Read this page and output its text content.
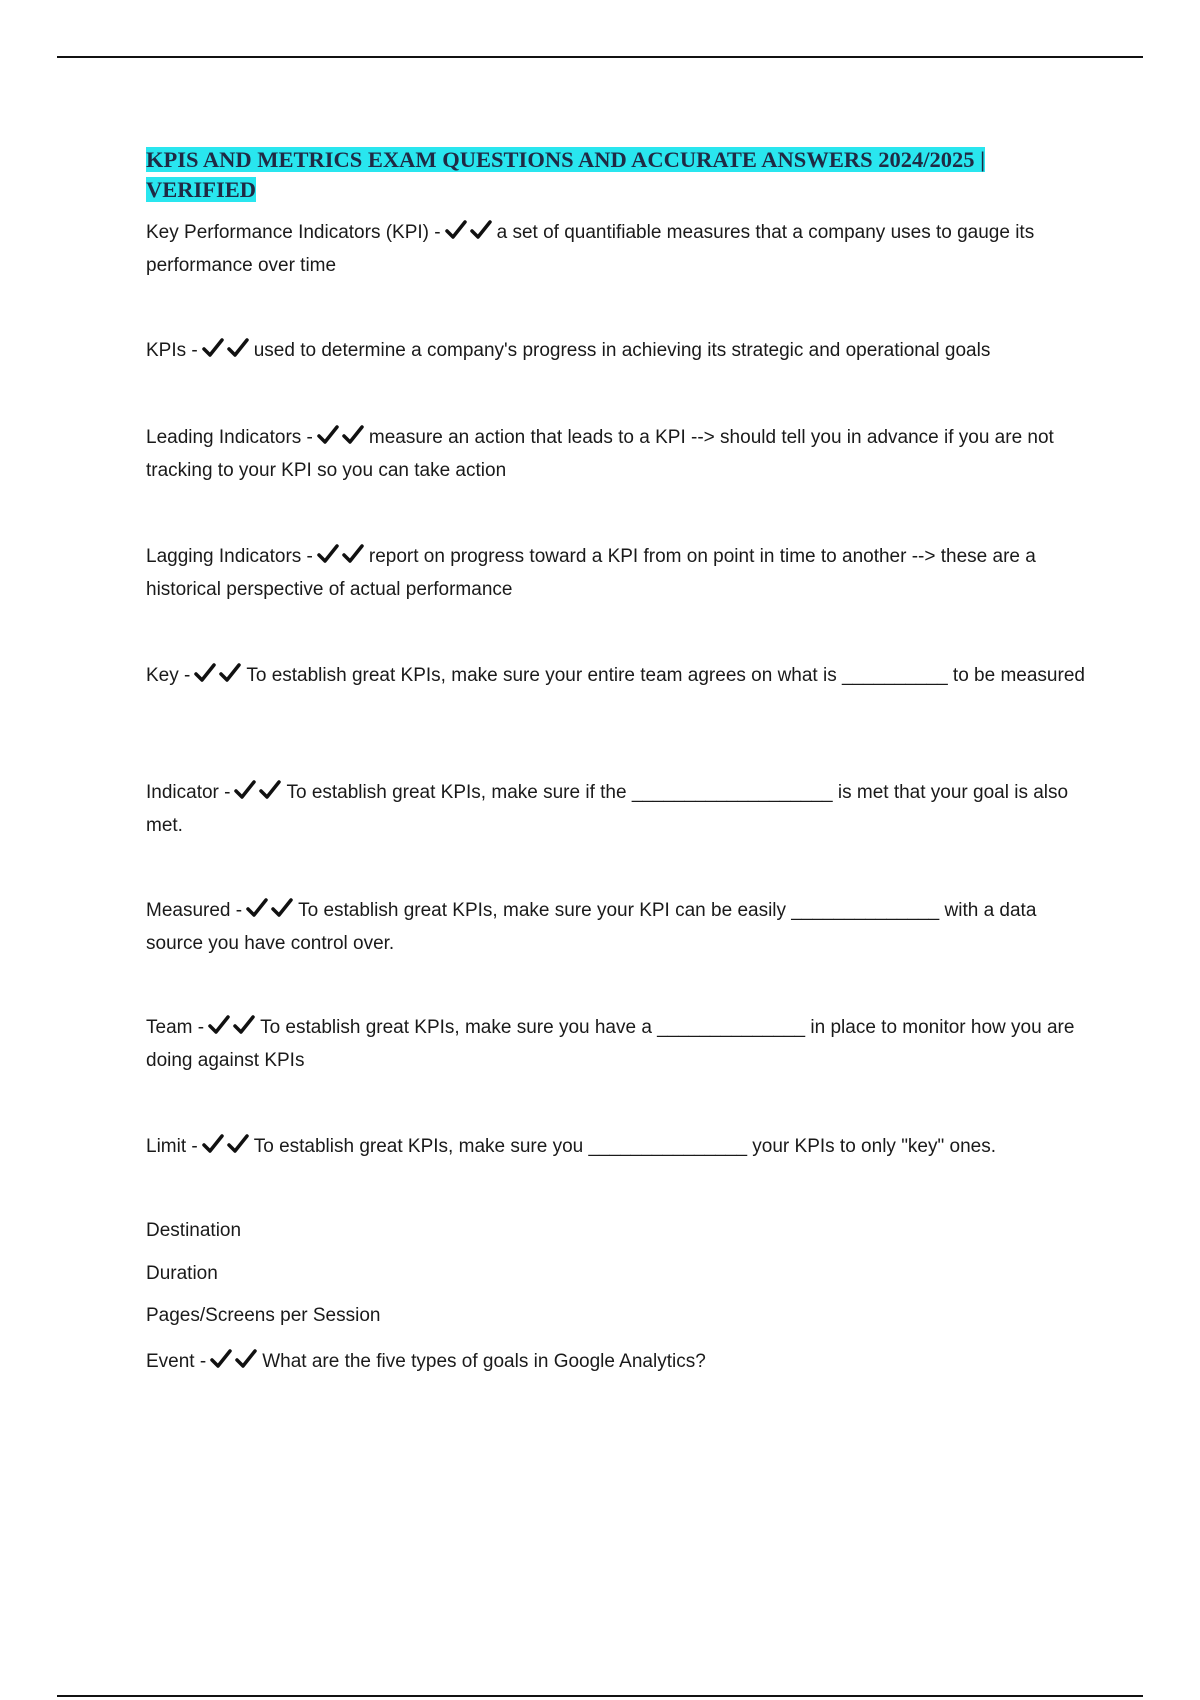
KPIS AND METRICS EXAM QUESTIONS AND ACCURATE ANSWERS 2024/2025 | VERIFIED
Key Performance Indicators (KPI) -	a set of quantifiable measures that a company uses to gauge its performance over time
KPIs -	used to determine a company's progress in achieving its strategic and operational goals
Leading Indicators -	measure an action that leads to a KPI --> should tell you in advance if you are not tracking to your KPI so you can take action
Lagging Indicators -	report on progress toward a KPI from on point in time to another --> these are a historical perspective of actual performance
Key -	To establish great KPIs, make sure your entire team agrees on what is __________ to be measured
Indicator -	To establish great KPIs, make sure if the ___________________ is met that your goal is also met.
Measured -	To establish great KPIs, make sure your KPI can be easily ______________ with a data source you have control over.
Team -	To establish great KPIs, make sure you have a ______________ in place to monitor how you are doing against KPIs
Limit -	To establish great KPIs, make sure you _______________ your KPIs to only "key" ones.
Destination
Duration
Pages/Screens per Session
Event -	What are the five types of goals in Google Analytics?
